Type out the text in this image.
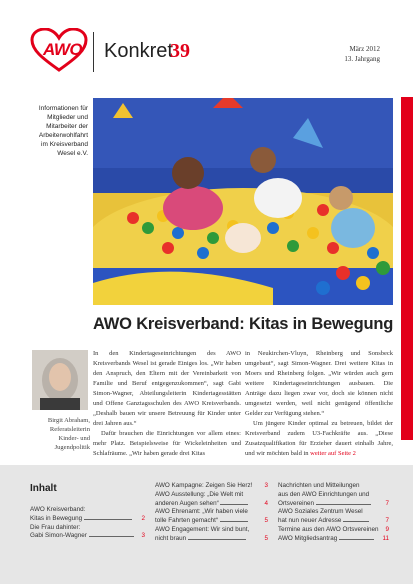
AWO Konkret
39	März 2012
13. Jahrgang
Informationen für
Mitglieder und
Mitarbeiter der
Arbeiterwohlfahrt
im Kreisverband
Wesel e.V.
AWO Kreisverband: Kitas in Bewegung
Birgit Abraham,
Referatsleiterin
Kinder- und
Jugendpolitik

In den Kindertageseinrichtungen des AWO Kreisverbands Wesel ist gerade Einiges los. „Wir haben den Anspruch, den Eltern mit der Vereinbarkeit von Familie und Beruf entgegenzukommen“, sagt Gabi Simon-Wagner, Abteilungsleiterin Kindertagesstätten und Offene Ganztagsschulen des AWO Kreisverbands. „Deshalb bauen wir unsere Betreuung für Kinder unter drei Jahren aus.“

Dafür brauchen die Einrichtungen vor allem eines: mehr Platz. Beispielsweise für Wickeleinheiten und Schlafräume. „Wir haben gerade drei Kitas

in Neukirchen-Vluyn, Rheinberg und Sonsbeck umgebaut“, sagt Simon-Wagner. Drei weitere Kitas in Moers und Rheinberg folgen. „Wir würden auch gern weitere Kindertageseinrichtungen ausbauen. Die Anträge dazu liegen zwar vor, doch sie können nicht umgesetzt werden, weil nicht genügend öffentliche Gelder zur Verfügung stehen.“

Um jüngere Kinder optimal zu betreuen, bildet der Kreisverband zudem U3-Fachkräfte aus. „Diese Zusatzqualifikation für Erzieher dauert einhalb Jahre, und wir möchten bald in weiter auf Seite 2

Inhalt
AWO Kreisverband:
Kitas in Bewegung	2
Die Frau dahinter:
Gabi Simon-Wagner	3
AWO Kampagne: Zeigen Sie Herz! 3
AWO Ausstellung: „Die Welt mit
anderen Augen sehen“	4
AWO Ehrenamt: „Wir haben viele
tolle Fahrten gemacht“	5
AWO Engagement: Wir sind bunt,
nicht braun	5
Nachrichten und Mitteilungen
aus den AWO Einrichtungen und
Ortsvereinen	7
AWO Soziales Zentrum Wesel
hat nun neuer Adresse	7
Termine aus den AWO Ortsvereinen 9
AWO Mitgliedsantrag	11
